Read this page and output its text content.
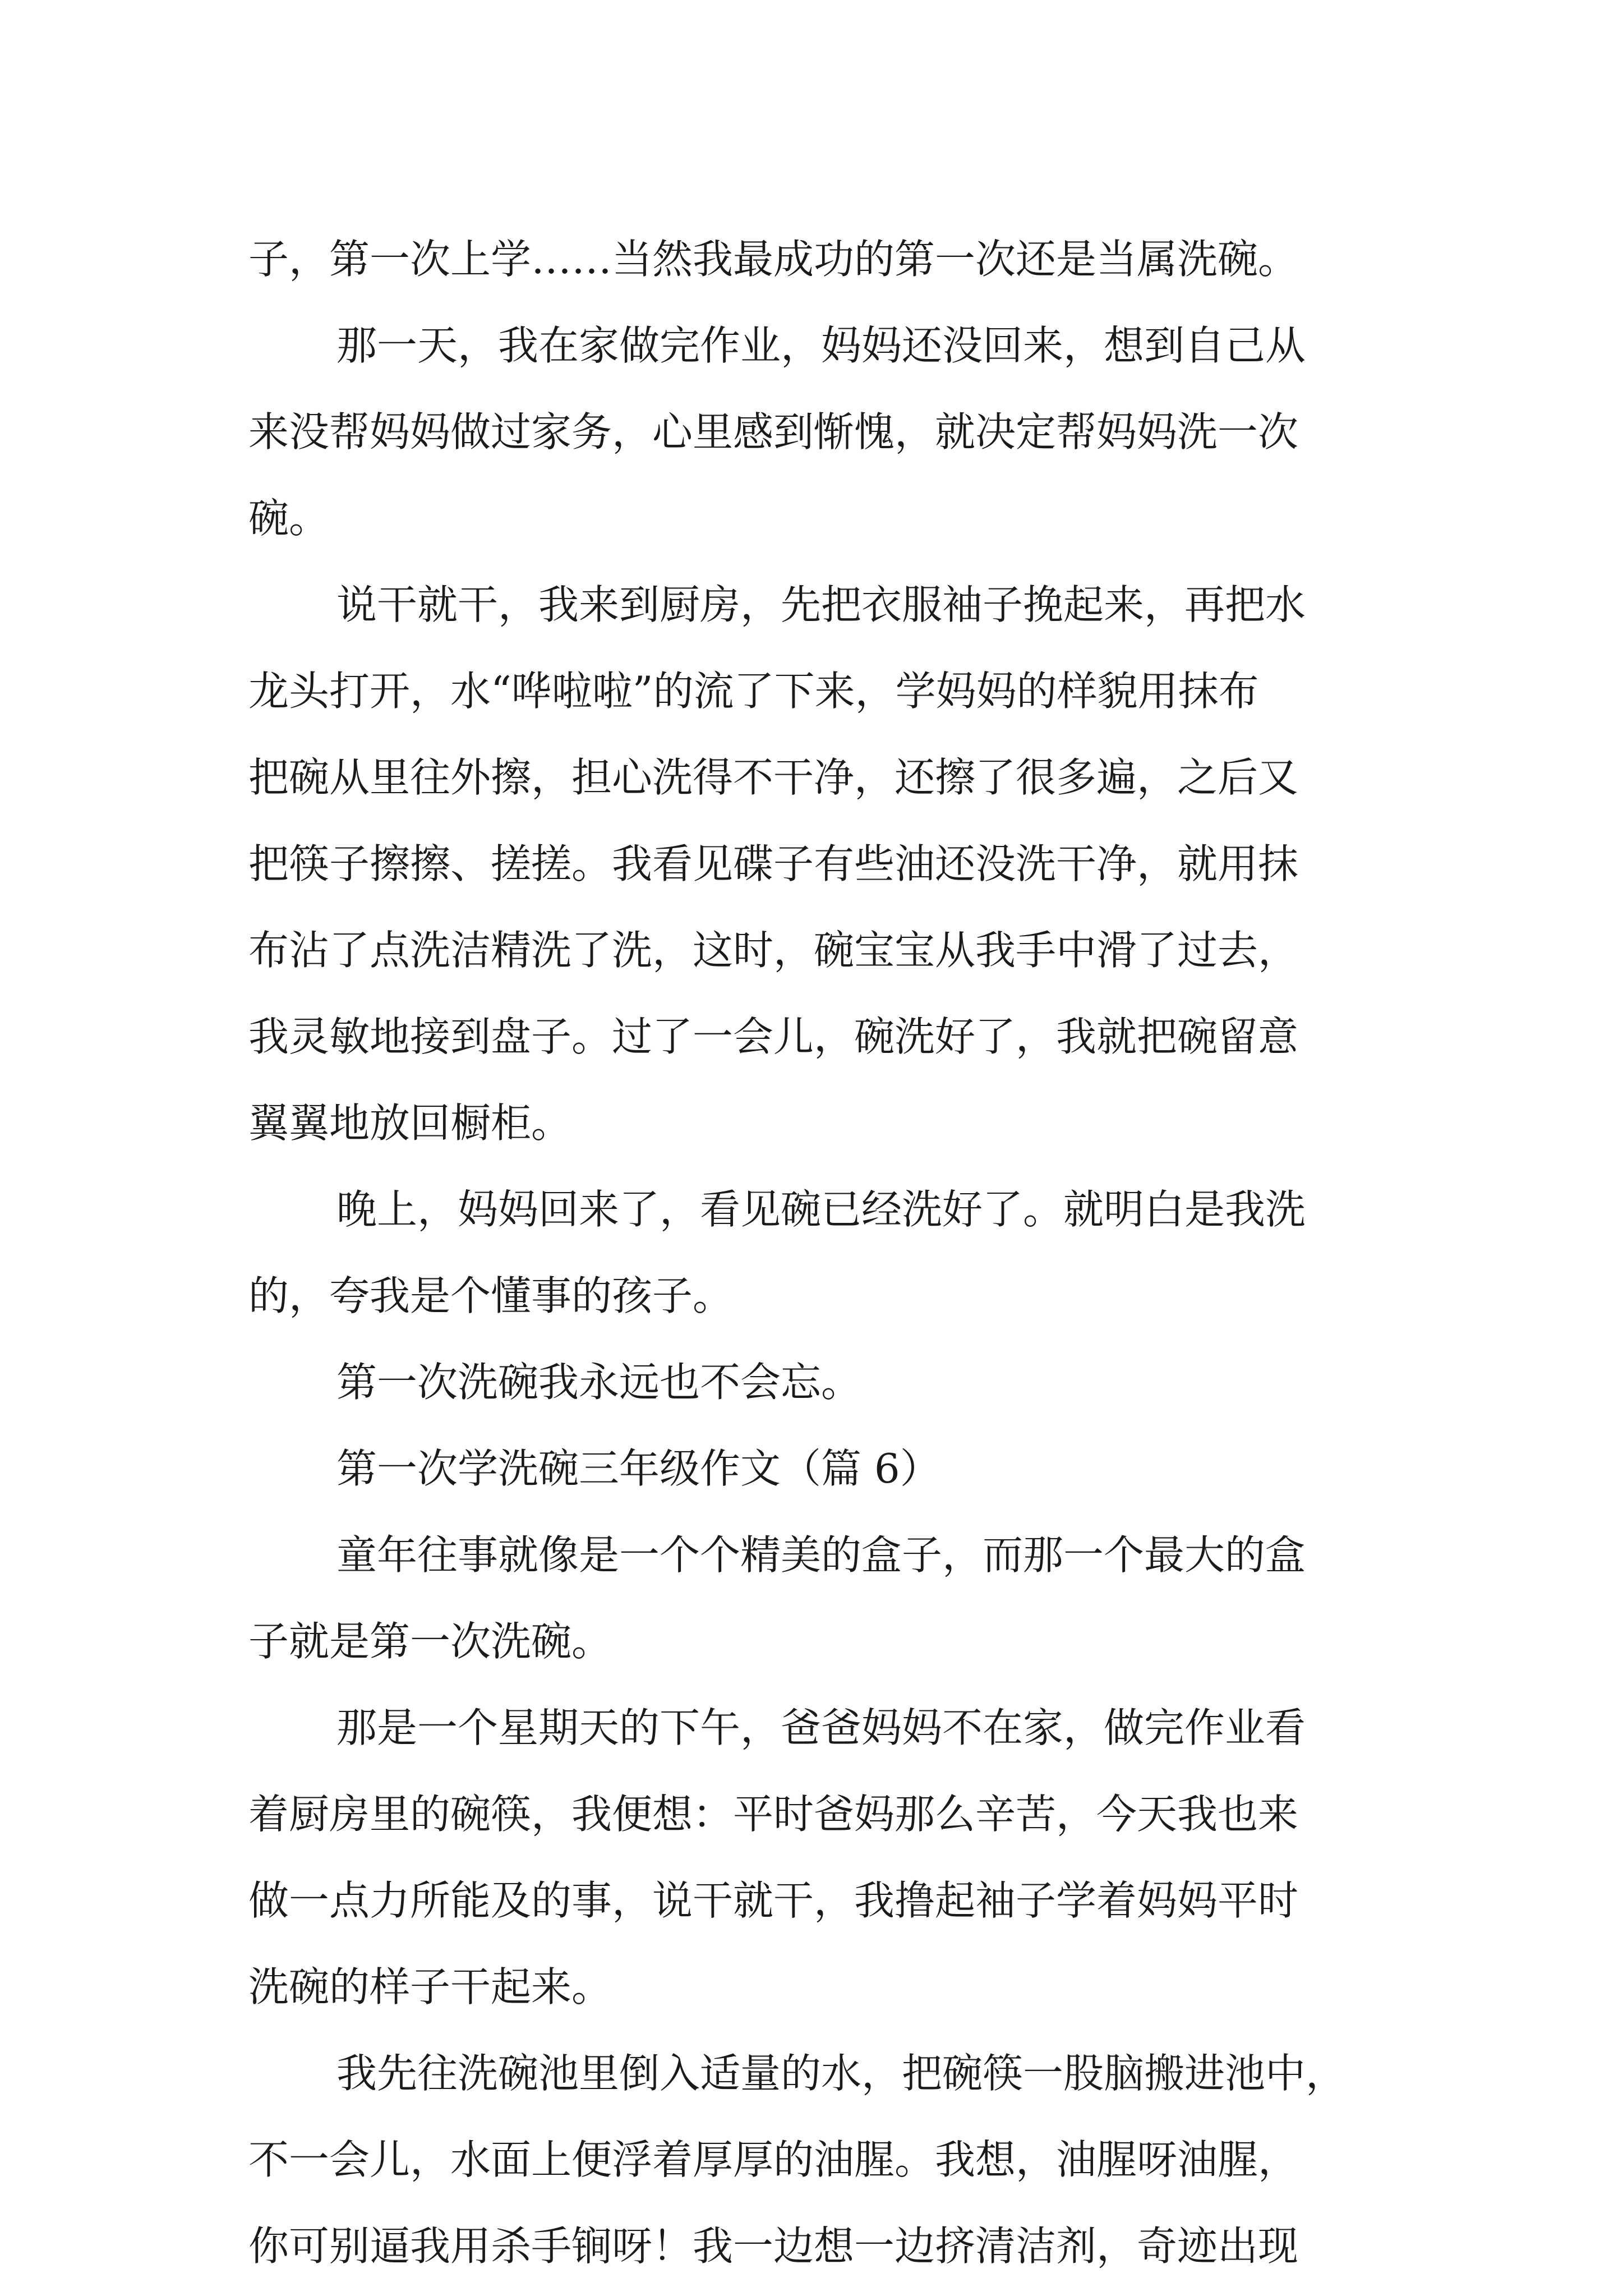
子，第一次上学……当然我最成功的第一次还是当属洗碗。
那一天，我在家做完作业，妈妈还没回来，想到自己从
来没帮妈妈做过家务，心里感到惭愧，就决定帮妈妈洗一次
碗。
说干就干，我来到厨房，先把衣服袖子挽起来，再把水
龙头打开，水“哗啦啦”的流了下来，学妈妈的样貌用抹布
把碗从里往外擦，担心洗得不干净，还擦了很多遍，之后又
把筷子擦擦、搓搓。我看见碟子有些油还没洗干净，就用抹
布沾了点洗洁精洗了洗，这时，碗宝宝从我手中滑了过去，
我灵敏地接到盘子。过了一会儿，碗洗好了，我就把碗留意
翼翼地放回橱柜。
晚上，妈妈回来了，看见碗已经洗好了。就明白是我洗
的，夸我是个懂事的孩子。
第一次洗碗我永远也不会忘。
第一次学洗碗三年级作文（篇 6）
童年往事就像是一个个精美的盒子，而那一个最大的盒
子就是第一次洗碗。
那是一个星期天的下午，爸爸妈妈不在家，做完作业看
着厨房里的碗筷，我便想：平时爸妈那么辛苦，今天我也来
做一点力所能及的事，说干就干，我撸起袖子学着妈妈平时
洗碗的样子干起来。
我先往洗碗池里倒入适量的水，把碗筷一股脑搬进池中，
不一会儿，水面上便浮着厚厚的油腥。我想，油腥呀油腥，
你可别逼我用杀手锏呀！我一边想一边挤清洁剂，奇迹出现
